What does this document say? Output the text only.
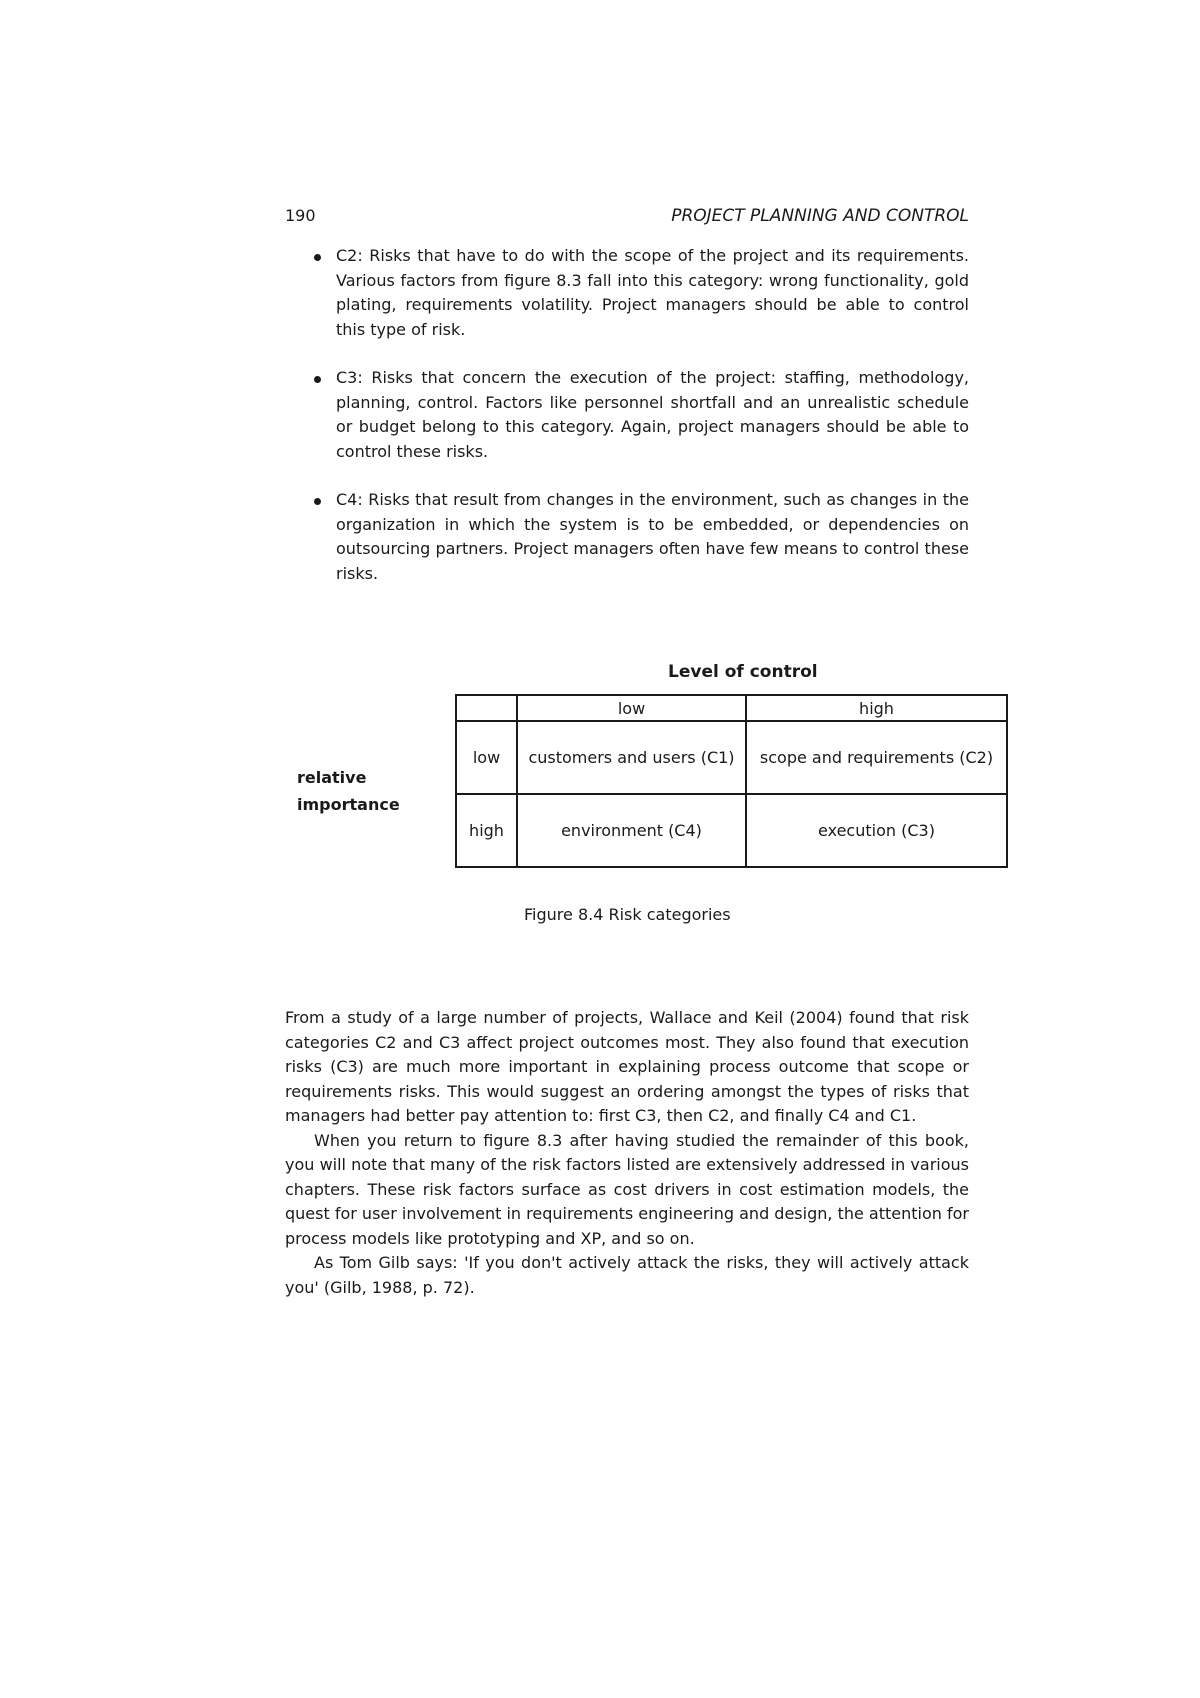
190	PROJECT PLANNING AND CONTROL
C2: Risks that have to do with the scope of the project and its requirements. Various factors from figure 8.3 fall into this category: wrong functionality, gold plating, requirements volatility. Project managers should be able to control this type of risk.
C3: Risks that concern the execution of the project: staffing, methodology, planning, control. Factors like personnel shortfall and an unrealistic schedule or budget belong to this category. Again, project managers should be able to control these risks.
C4: Risks that result from changes in the environment, such as changes in the organization in which the system is to be embedded, or dependencies on outsourcing partners. Project managers often have few means to control these risks.
Level of control
relative
importance
	low	high
low	customers and users (C1)	scope and requirements (C2)
high	environment (C4)	execution (C3)
Figure 8.4 Risk categories

From a study of a large number of projects, Wallace and Keil (2004) found that risk categories C2 and C3 affect project outcomes most. They also found that execution risks (C3) are much more important in explaining process outcome that scope or requirements risks. This would suggest an ordering amongst the types of risks that managers had better pay attention to: first C3, then C2, and finally C4 and C1.

When you return to figure 8.3 after having studied the remainder of this book, you will note that many of the risk factors listed are extensively addressed in various chapters. These risk factors surface as cost drivers in cost estimation models, the quest for user involvement in requirements engineering and design, the attention for process models like prototyping and XP, and so on.

As Tom Gilb says: 'If you don't actively attack the risks, they will actively attack you' (Gilb, 1988, p. 72).
